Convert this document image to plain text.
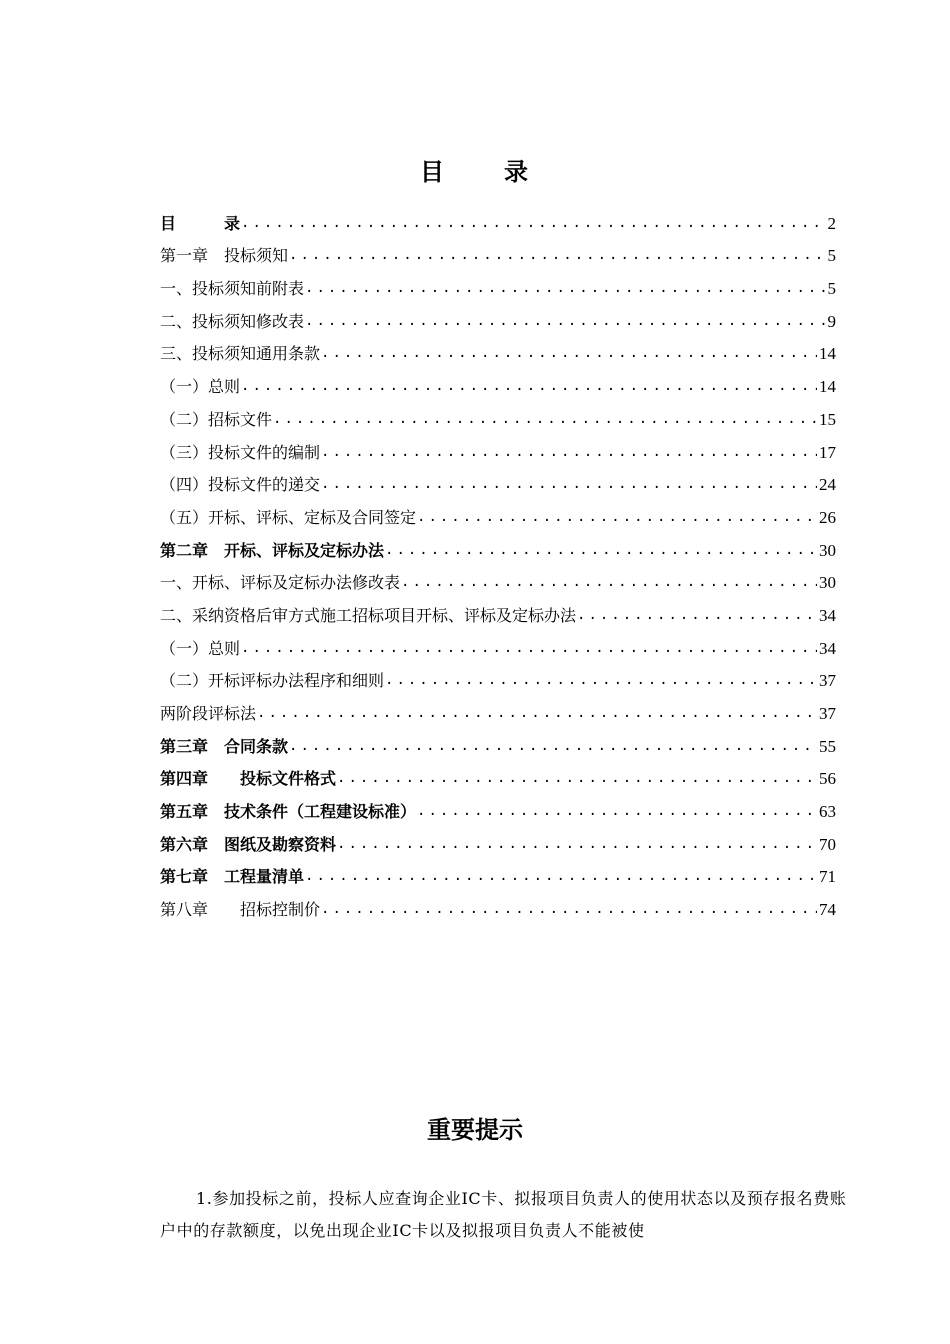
目 录
目　　　录 .....	2
第一章　投标须知 .....	5
一、投标须知前附表 .....	5
二、投标须知修改表 .....	9
三、投标须知通用条款 .....	14
（一）总则 .....	14
（二）招标文件 .....	15
（三）投标文件的编制 .....	17
（四）投标文件的递交 .....	24
（五）开标、评标、定标及合同签定 .....	26
第二章　开标、评标及定标办法 .....	30
一、开标、评标及定标办法修改表 .....	30
二、采纳资格后审方式施工招标项目开标、评标及定标办法 .....	34
（一）总则 .....	34
（二）开标评标办法程序和细则 .....	37
两阶段评标法 .....	37
第三章　合同条款 .....	55
第四章　　投标文件格式 .....	56
第五章　技术条件（工程建设标准） .....	63
第六章　图纸及勘察资料 .....	70
第七章　工程量清单 .....	71
第八章　　招标控制价 .....	74
重要提示
1.参加投标之前，投标人应查询企业IC卡、拟报项目负责人的使用状态以及预存报名费账户中的存款额度，以免出现企业IC卡以及拟报项目负责人不能被使
